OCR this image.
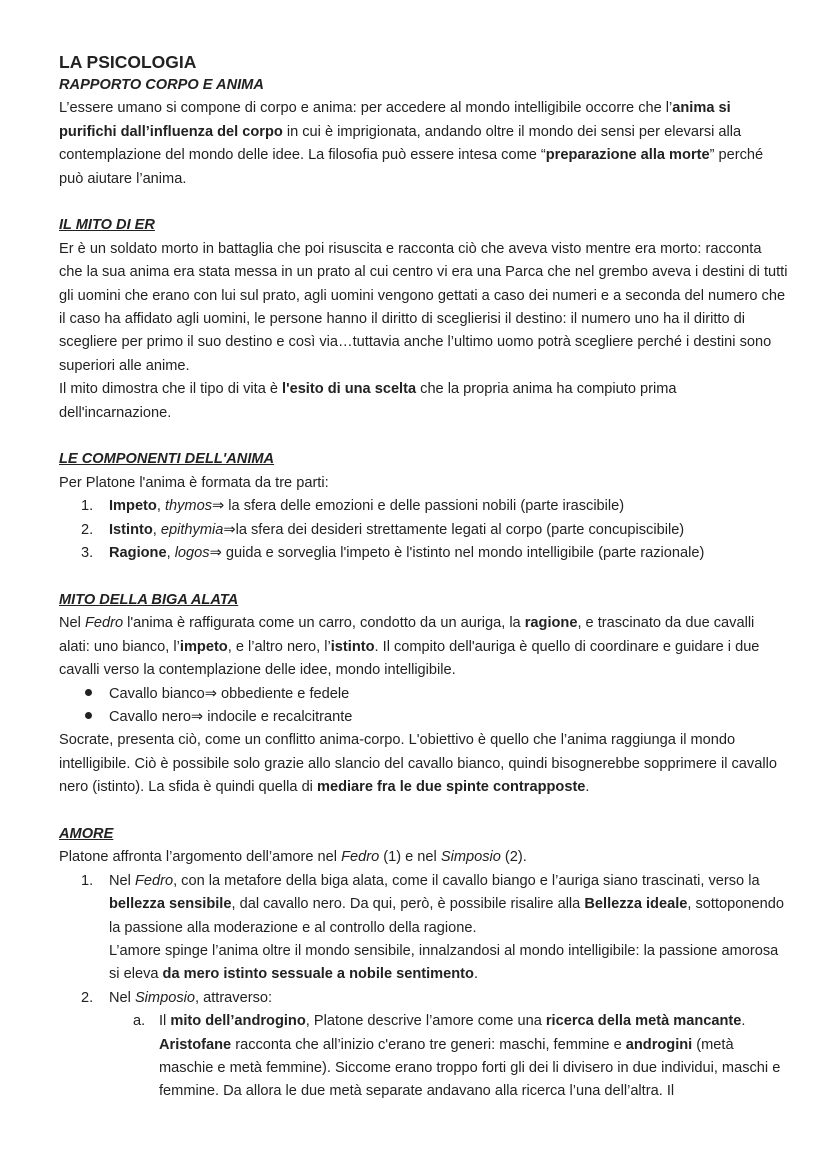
LA PSICOLOGIA
RAPPORTO CORPO E ANIMA

L’essere umano si compone di corpo e anima: per accedere al mondo intelligibile occorre che l’anima si purifichi dall’influenza del corpo in cui è imprigionata, andando oltre il mondo dei sensi per elevarsi alla contemplazione del mondo delle idee. La filosofia può essere intesa come “preparazione alla morte” perché può aiutare l’anima.

IL MITO DI ER

Er è un soldato morto in battaglia che poi risuscita e racconta ciò che aveva visto mentre era morto: racconta che la sua anima era stata messa in un prato al cui centro vi era una Parca che nel grembo aveva i destini di tutti gli uomini che erano con lui sul prato, agli uomini vengono gettati a caso dei numeri e a seconda del numero che il caso ha affidato agli uomini, le persone hanno il diritto di sceglierisi il destino: il numero uno ha il diritto di scegliere per primo il suo destino e così via…tuttavia anche l’ultimo uomo potrà scegliere perché i destini sono superiori alle anime.

Il mito dimostra che il tipo di vita è l'esito di una scelta che la propria anima ha compiuto prima dell'incarnazione.

LE COMPONENTI DELL'ANIMA

Per Platone l'anima è formata da tre parti:

1.	Impeto, thymos⇒ la sfera delle emozioni e delle passioni nobili (parte irascibile)
2.	Istinto, epithymia⇒la sfera dei desideri strettamente legati al corpo (parte concupiscibile)
3.	Ragione, logos⇒ guida e sorveglia l'impeto è l'istinto nel mondo intelligibile (parte razionale)
MITO DELLA BIGA ALATA

Nel Fedro l'anima è raffigurata come un carro, condotto da un auriga, la ragione, e trascinato da due cavalli alati: uno bianco, l’impeto, e l’altro nero, l’istinto. Il compito dell'auriga è quello di coordinare e guidare i due cavalli verso la contemplazione delle idee, mondo intelligibile.

Cavallo bianco⇒ obbediente e fedele
Cavallo nero⇒ indocile e recalcitrante

Socrate, presenta ciò, come un conflitto anima-corpo. L'obiettivo è quello che l’anima raggiunga il mondo intelligibile. Ciò è possibile solo grazie allo slancio del cavallo bianco, quindi bisognerebbe sopprimere il cavallo nero (istinto). La sfida è quindi quella di mediare fra le due spinte contrapposte.

AMORE

Platone affronta l’argomento dell’amore nel Fedro (1) e nel Simposio (2).

1.	Nel Fedro, con la metafore della biga alata, come il cavallo biango e l’auriga siano trascinati, verso la bellezza sensibile, dal cavallo nero. Da qui, però, è possibile risalire alla Bellezza ideale, sottoponendo la passione alla moderazione e al controllo della ragione.
L’amore spinge l’anima oltre il mondo sensibile, innalzandosi al mondo intelligibile: la passione amorosa si eleva da mero istinto sessuale a nobile sentimento.
2.	Nel Simposio, attraverso:
a. Il mito dell’androgino, Platone descrive l’amore come una ricerca della metà mancante. Aristofane racconta che all’inizio c'erano tre generi: maschi, femmine e androgini (metà maschie e metà femmine). Siccome erano troppo forti gli dei li divisero in due individui, maschi e femmine. Da allora le due metà separate andavano alla ricerca l’una dell’altra. Il
